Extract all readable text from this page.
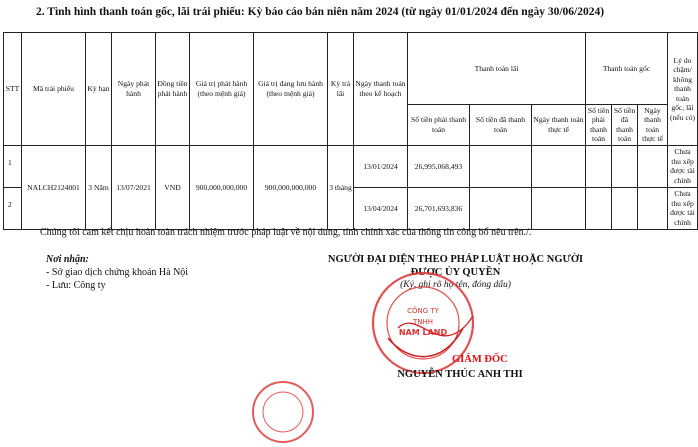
2. Tình hình thanh toán gốc, lãi trái phiếu: Kỳ báo cáo bán niên năm 2024 (từ ngày 01/01/2024 đến ngày 30/06/2024)
STT	Mã trái phiếu	Kỳ hạn	Ngày phát hành	Đồng tiền phát hành	Giá trị phát hành (theo mệnh giá)	Giá trị đang lưu hành (theo mệnh giá)	Kỳ trả lãi	Ngày thanh toán theo kế hoạch	Thanh toán lãi			Thanh toán gốc			Lý do chậm/ không thanh toán gốc, lãi (nếu có)
									Số tiền phải thanh toán	Số tiền đã thanh toán	Ngày thanh toán thực tế	Số tiền phải thanh toán	Số tiền đã thanh toán	Ngày thanh toán thực tế	
1	NALCH2124001	3 Năm	13/07/2021	VNĐ	900,000,000,000	900,000,000,000	3 tháng	13/01/2024	26,995,068,493						Chưa thu xếp được tài chính
2								13/04/2024	26,701,693,836						Chưa thu xếp được tài chính
Chúng tôi cam kết chịu hoàn toàn trách nhiệm trước pháp luật về nội dung, tính chính xác của thông tin công bố nêu trên./.
Nơi nhận:
- Sở giao dịch chứng khoán Hà Nội
- Lưu: Công ty
NGƯỜI ĐẠI DIỆN THEO PHÁP LUẬT HOẶC NGƯỜI
ĐƯỢC ỦY QUYỀN
(Ký, ghi rõ họ tên, đóng dấu)
CÔNG TY
TNHH
NAM LAND
GIÁM ĐỐC
NGUYỄN THÚC ANH THI
